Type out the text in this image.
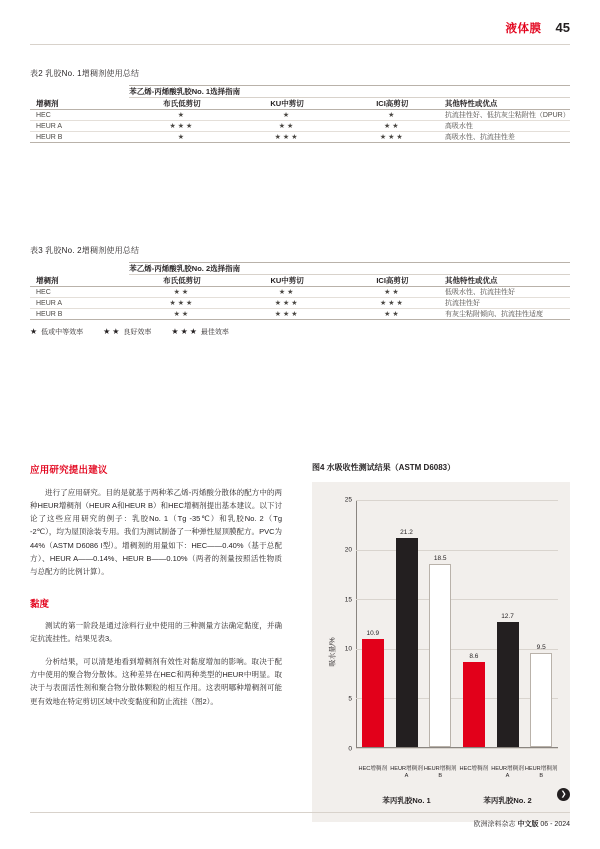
液体膜 45
表2 乳胶No. 1增稠剂使用总结
	苯乙烯-丙烯酸乳胶No. 1选择指南			
增稠剂	布氏低剪切	KU中剪切	ICI高剪切	其他特性或优点
HEC	★	★	★	抗流挂性好、低抗灰尘粘附性（DPUR）
HEUR A	★★★	★★	★★	高吸水性
HEUR B	★	★★★	★★★	高吸水性、抗流挂性差
表3 乳胶No. 2增稠剂使用总结
	苯乙烯-丙烯酸乳胶No. 2选择指南			
增稠剂	布氏低剪切	KU中剪切	ICI高剪切	其他特性或优点
HEC	★★	★★	★★	低吸水性、抗流挂性好
HEUR A	★★★	★★★	★★★	抗流挂性好
HEUR B	★★	★★★	★★	有灰尘粘附倾向、抗流挂性适度
★ 低或中等效率	★★ 良好效率	★★★ 最佳效率
应用研究提出建议

进行了应用研究。目的是就基于两种苯乙烯-丙烯酸分散体的配方中的两种HEUR增稠剂（HEUR A和HEUR B）和HEC增稠剂提出基本建议。以下讨论了这些应用研究的例子：乳胶No. 1（Tg -35℃）和乳胶No. 2（Tg -2℃），均为屋顶涂装专用。我们为测试制备了一种弹性屋顶膜配方。PVC为44%（ASTM D6086 I型）。增稠剂的用量如下：HEC——0.40%（基于总配方）、HEUR A——0.14%、HEUR B——0.10%（两者的剂量按照活性物质与总配方的比例计算）。

黏度

测试的第一阶段是通过涂料行业中使用的三种测量方法确定黏度，并确定抗流挂性。结果见表3。

分析结果，可以清楚地看到增稠剂有效性对黏度增加的影响。取决于配方中使用的聚合物分散体。这种差异在HEC和两种类型的HEUR中明显。取决于与表面活性剂和聚合物分散体颗粒的相互作用。这表明哪种增稠剂可能更有效地在特定剪切区域中改变黏度和防止流挂（图2）。

图4 水吸收性测试结果（ASTM D6083）
吸水量/%
0
5
10
15
20
25
10.9
21.2
18.5
8.6
12.7
9.5
HEC增稠剂 HEUR增稠剂A
HEUR增稠剂B
HEC增稠剂 HEUR增稠剂A
HEUR增稠剂B
苯丙乳胶No. 1	苯丙乳胶No. 2
❯
欧洲涂料杂志 中文版 06 - 2024
